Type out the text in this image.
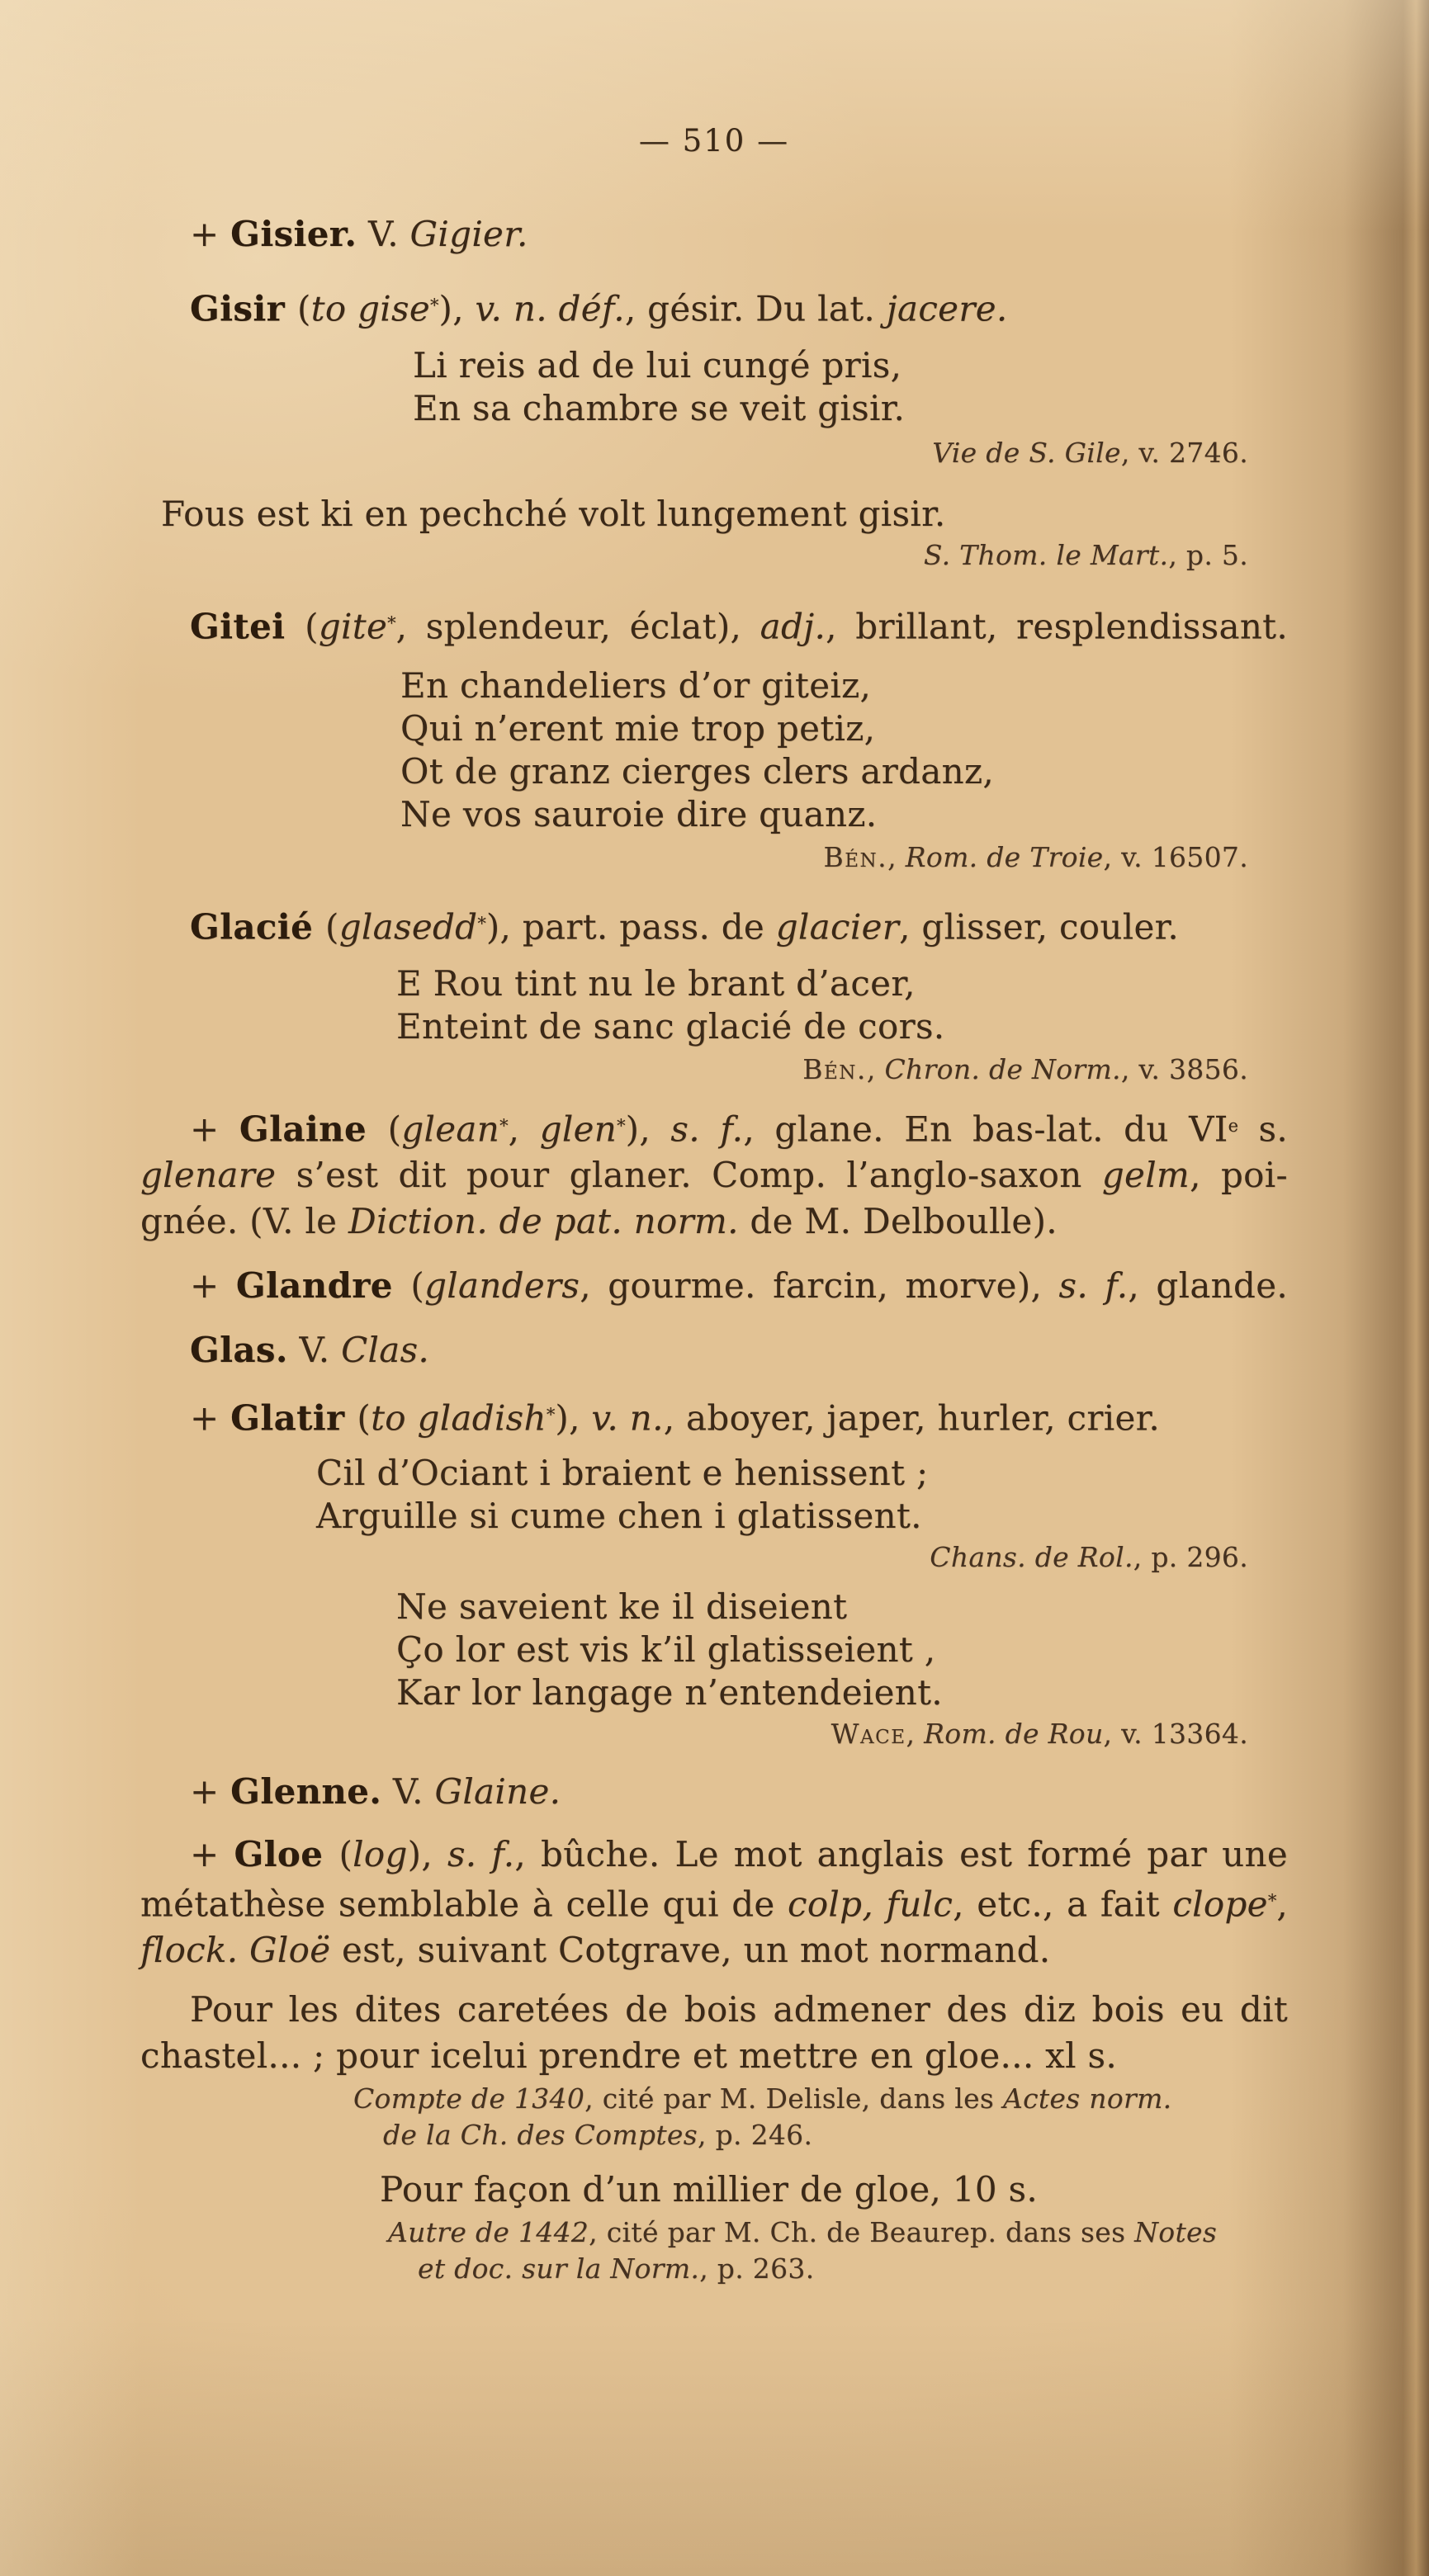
— 510 —

+ Gisier. V. Gigier.

Gisir (to gise*), v. n. déf., gésir. Du lat. jacere.

Li reis ad de lui cungé pris,
En sa chambre se veit gisir.
Vie de S. Gile, v. 2746.

Fous est ki en pechché volt lungement gisir.

S. Thom. le Mart., p. 5.

Gitei (gite*, splendeur, éclat), adj., brillant, resplendissant.

En chandeliers d’or giteiz,
Qui n’erent mie trop petiz,
Ot de granz cierges clers ardanz,
Ne vos sauroie dire quanz.
Bén., Rom. de Troie, v. 16507.

Glacié (glasedd*), part. pass. de glacier, glisser, couler.

E Rou tint nu le brant d’acer,
Enteint de sanc glacié de cors.
Bén., Chron. de Norm., v. 3856.
+ Glaine (glean*, glen*), s. f., glane. En bas-lat. du VIe s.
glenare s’est dit pour glaner. Comp. l’anglo-saxon gelm, poi-
gnée. (V. le Diction. de pat. norm. de M. Delboulle).

+ Glandre (glanders, gourme. farcin, morve), s. f., glande.

Glas. V. Clas.

+ Glatir (to gladish*), v. n., aboyer, japer, hurler, crier.

Cil d’Ociant i braient e henissent ;
Arguille si cume chen i glatissent.
Chans. de Rol., p. 296.
Ne saveient ke il diseient
Ço lor est vis k’il glatisseient ,
Kar lor langage n’entendeient.
Wace, Rom. de Rou, v. 13364.

+ Glenne. V. Glaine.

+ Gloe (log), s. f., bûche. Le mot anglais est formé par une
métathèse semblable à celle qui de colp, fulc, etc., a fait clope*,
flock. Gloë est, suivant Cotgrave, un mot normand.
Pour les dites caretées de bois admener des diz bois eu dit
chastel... ; pour icelui prendre et mettre en gloe... xl s.
Compte de 1340, cité par M. Delisle, dans les Actes norm.
de la Ch. des Comptes, p. 246.

Pour façon d’un millier de gloe, 10 s.

Autre de 1442, cité par M. Ch. de Beaurep. dans ses Notes
et doc. sur la Norm., p. 263.
